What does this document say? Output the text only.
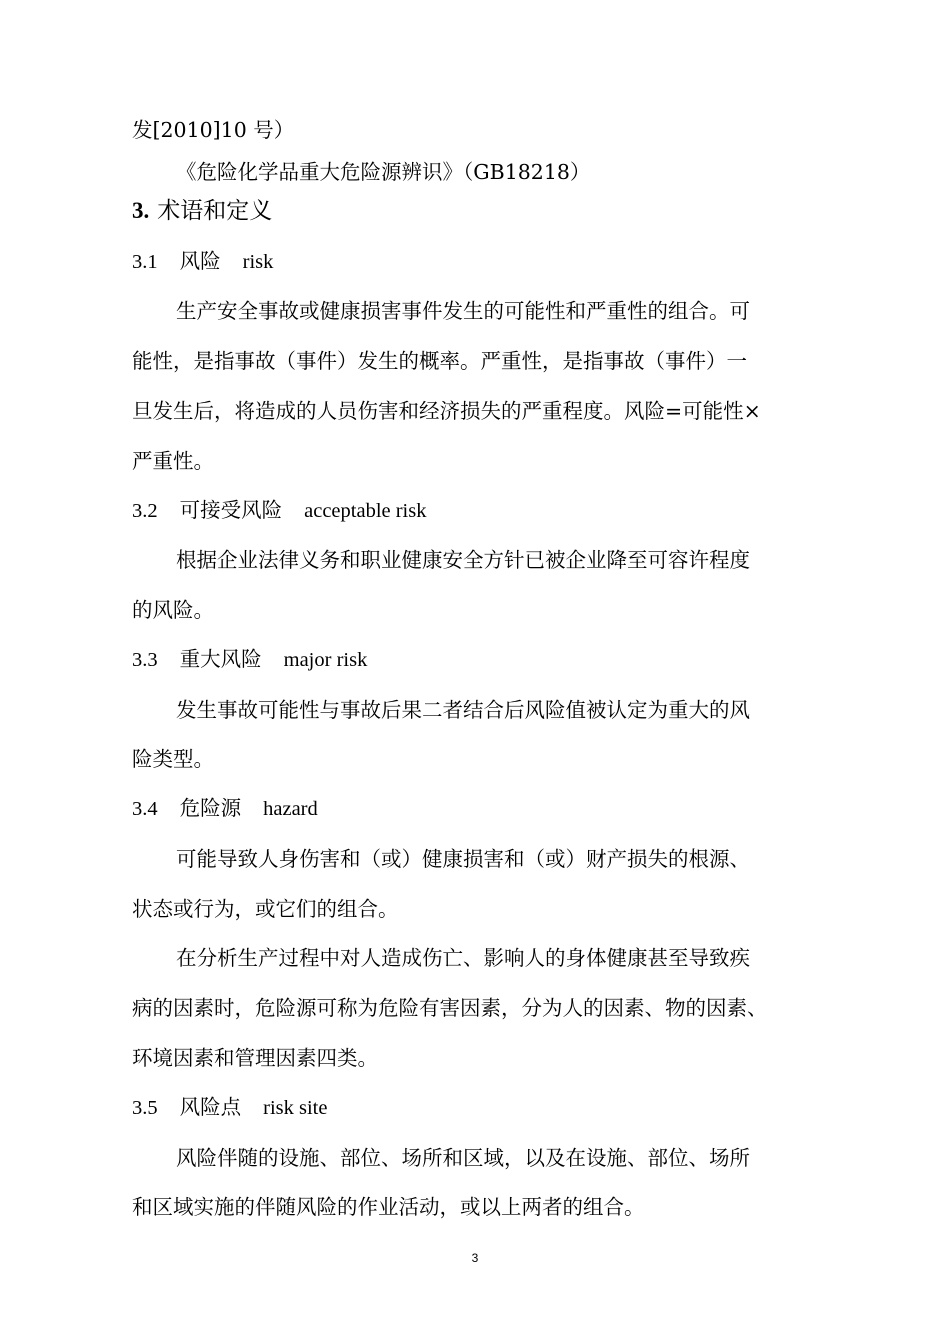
发[2010]10 号）
《危险化学品重大危险源辨识》（GB18218）
3. 术语和定义
3.1 风险 risk
生产安全事故或健康损害事件发生的可能性和严重性的组合。可
能性，是指事故（事件）发生的概率。严重性，是指事故（事件）一
旦发生后，将造成的人员伤害和经济损失的严重程度。风险=可能性×
严重性。
3.2 可接受风险 acceptable risk
根据企业法律义务和职业健康安全方针已被企业降至可容许程度
的风险。
3.3 重大风险 major risk
发生事故可能性与事故后果二者结合后风险值被认定为重大的风
险类型。
3.4 危险源 hazard
可能导致人身伤害和（或）健康损害和（或）财产损失的根源、
状态或行为，或它们的组合。
在分析生产过程中对人造成伤亡、影响人的身体健康甚至导致疾
病的因素时，危险源可称为危险有害因素，分为人的因素、物的因素、
环境因素和管理因素四类。
3.5 风险点 risk site
风险伴随的设施、部位、场所和区域，以及在设施、部位、场所
和区域实施的伴随风险的作业活动，或以上两者的组合。
3
